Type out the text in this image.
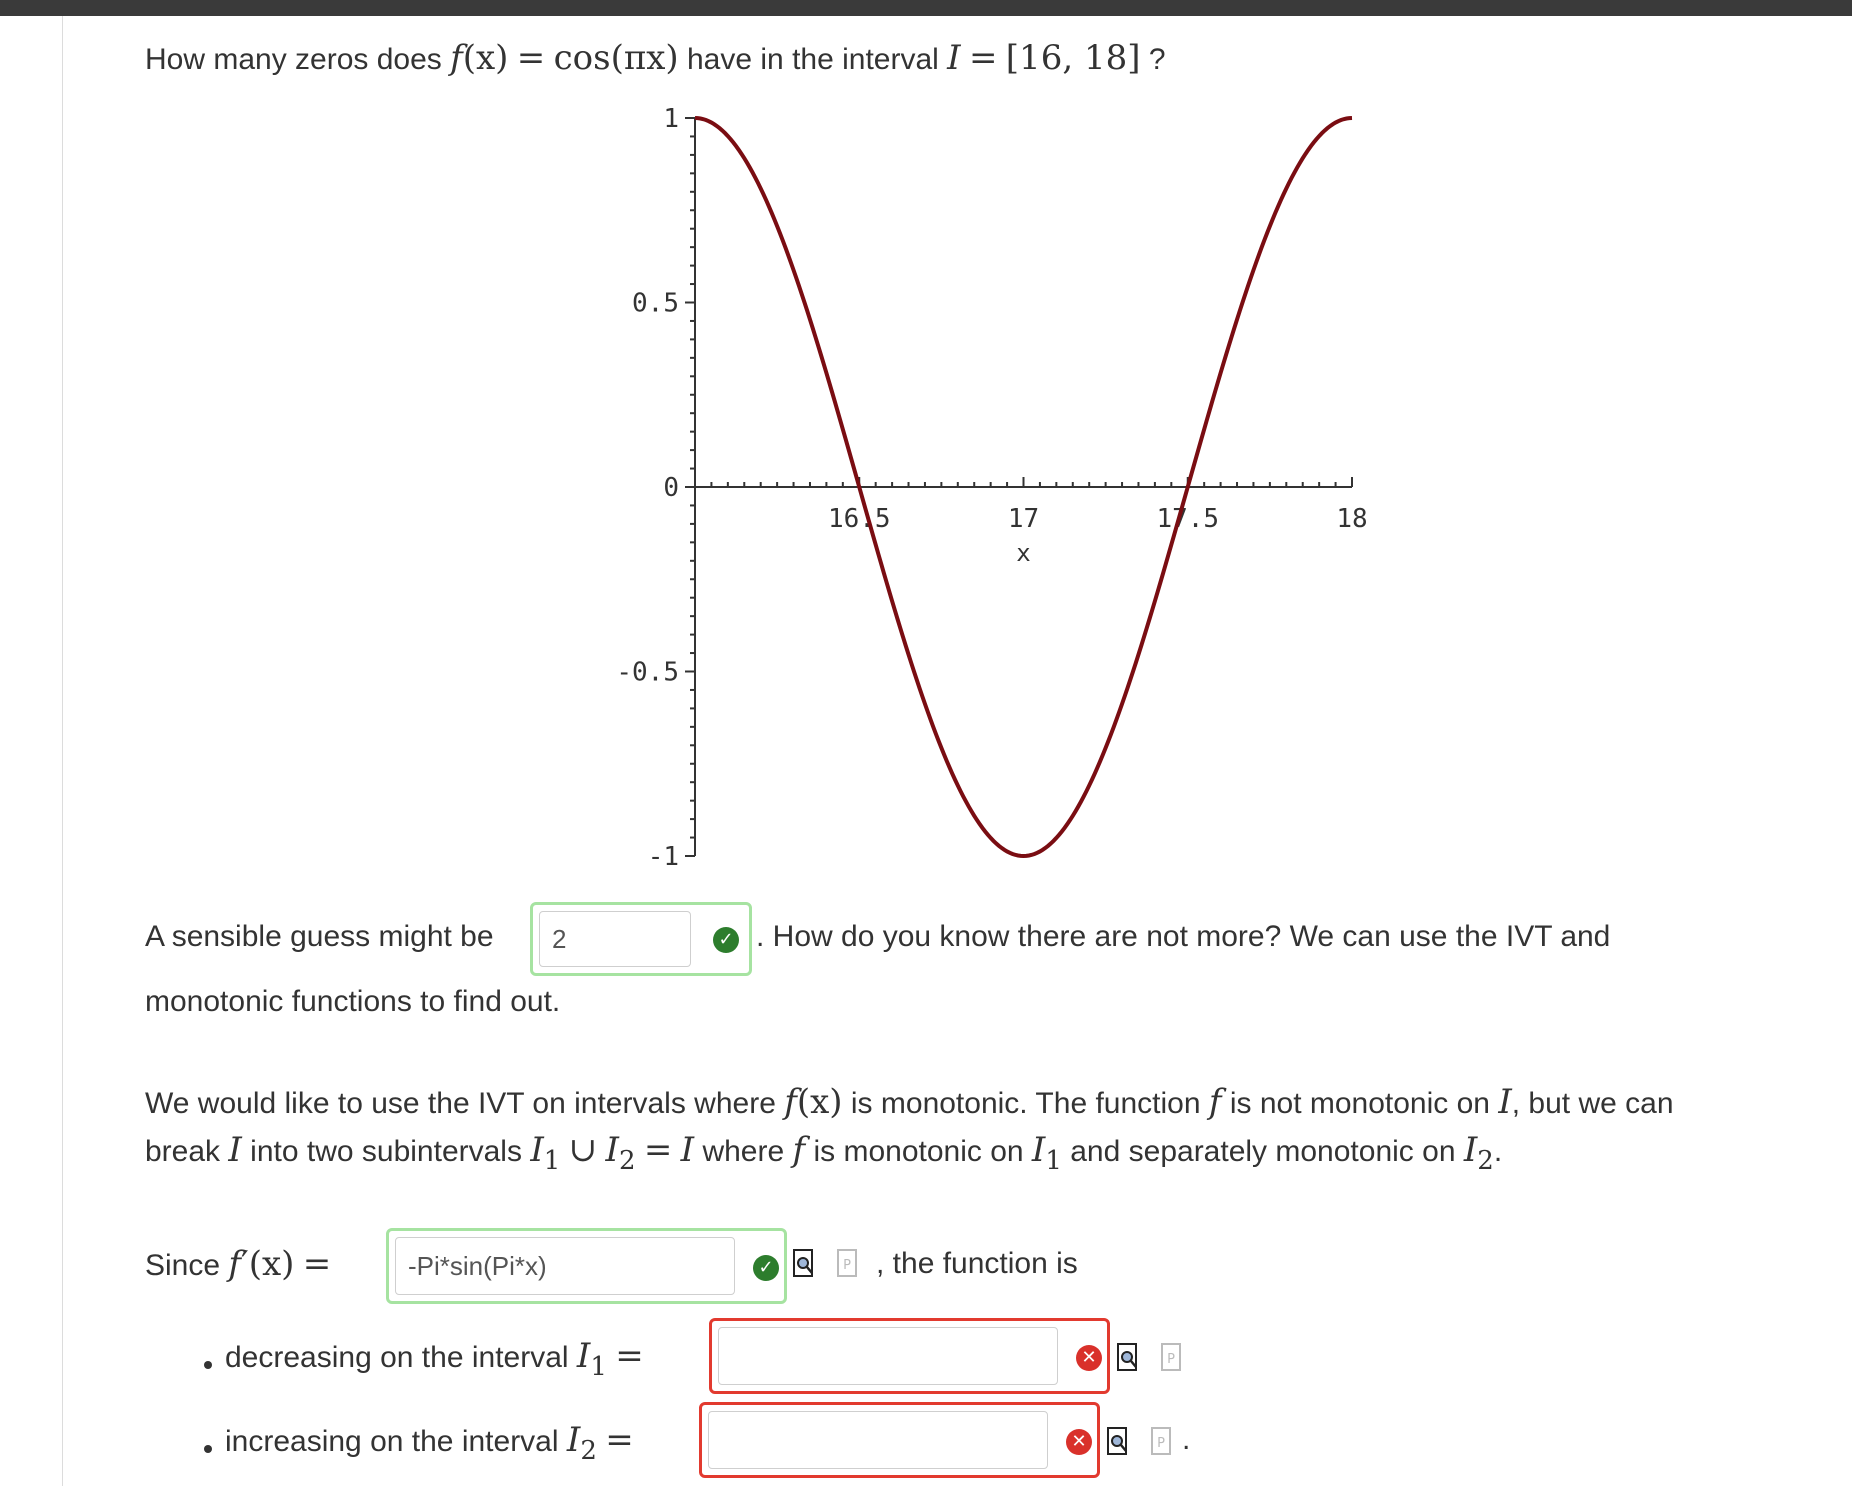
How many zeros does f(x) = cos(πx) have in the interval I = [16, 18] ?
1
0.5
0
-0.5
-1
16.5	17	17.5	18
x
A sensible guess might be
2	✓ . How do you know there are not more? We can use the IVT and
monotonic functions to find out.
We would like to use the IVT on intervals where f(x) is monotonic. The function f is not monotonic on I, but we can
break I into two subintervals $I_1$ ∪ $I_2 = I$ where f is monotonic on $I_1$ and separately monotonic on $I_2$.
Since f′(x) =
-Pi*sin(Pi*x)	✓	P , the function is
decreasing on the interval $I_1$ =	✕	P
increasing on the interval $I_2$ =	✕	P .
